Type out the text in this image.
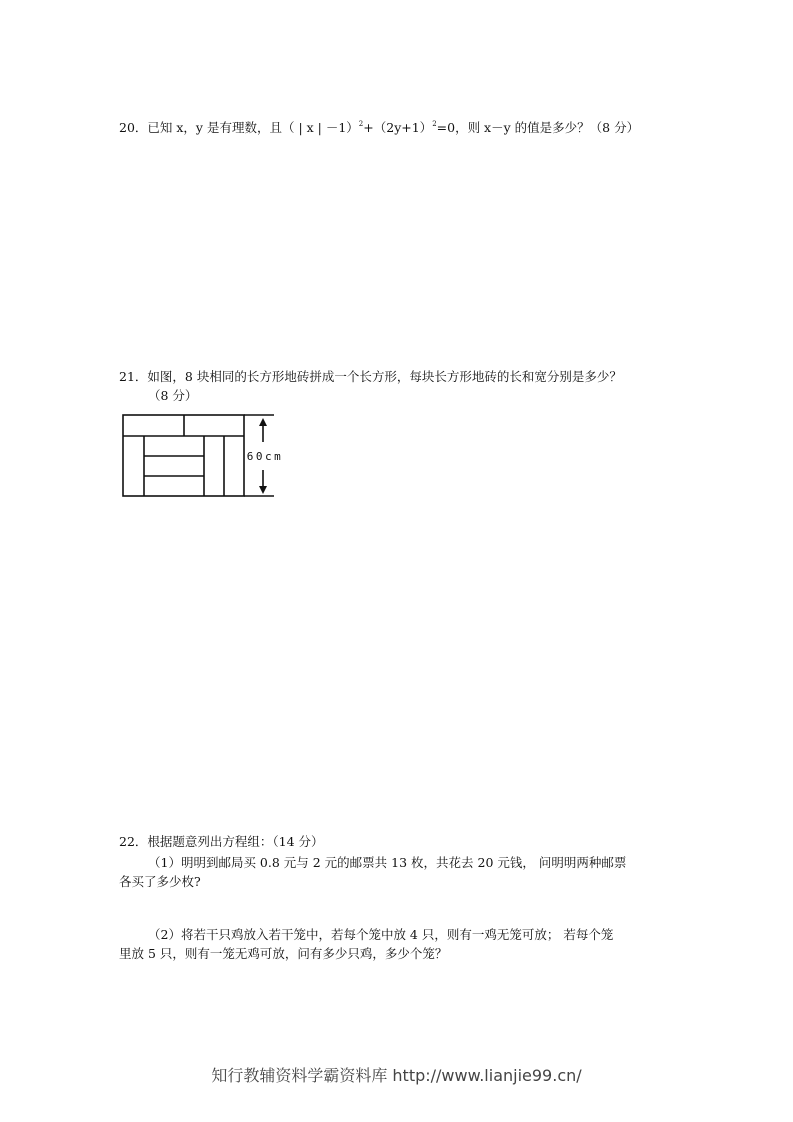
20．已知 x，y 是有理数，且（ | x | $-1)^2+(2y+1)^2=0$，则 x－y 的值是多少？（8 分）
21．如图，8 块相同的长方形地砖拼成一个长方形，每块长方形地砖的长和宽分别是多少？
（8 分）
60cm
22．根据题意列出方程组：（14 分）
（1）明明到邮局买 0.8 元与 2 元的邮票共 13 枚，共花去 20 元钱， 问明明两种邮票
各买了多少枚?
（2）将若干只鸡放入若干笼中，若每个笼中放 4 只，则有一鸡无笼可放； 若每个笼
里放 5 只，则有一笼无鸡可放，问有多少只鸡，多少个笼？
知行教辅资料学霸资料库 http://www.lianjie99.cn/
